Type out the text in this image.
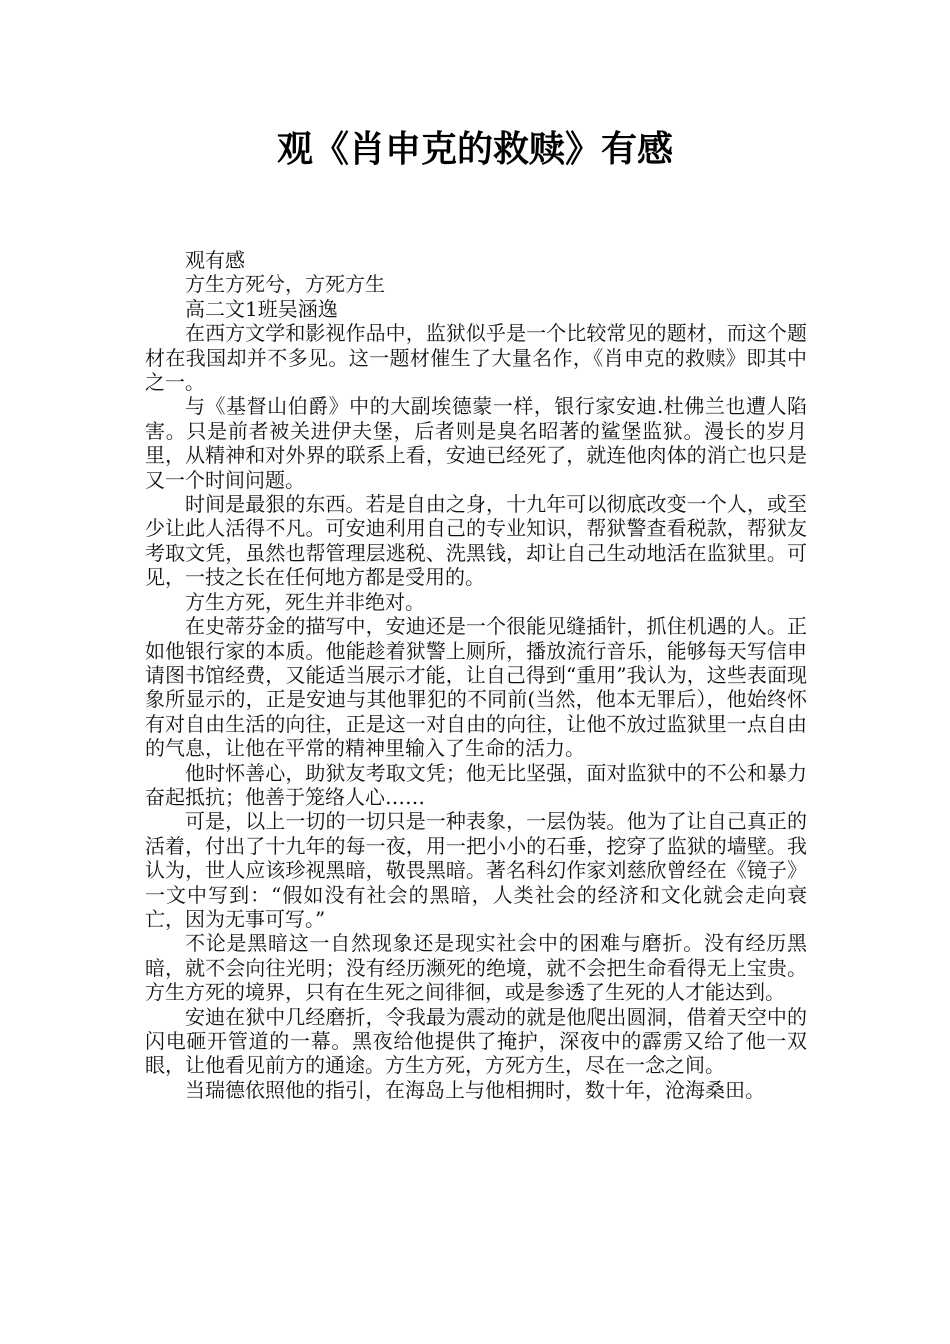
观《肖申克的救赎》有感

观有感

方生方死兮，方死方生

高二文1班吴涵逸

在西方文学和影视作品中，监狱似乎是一个比较常见的题材，而这个题材在我国却并不多见。这一题材催生了大量名作，《肖申克的救赎》即其中之一。

与《基督山伯爵》中的大副埃德蒙一样，银行家安迪.杜佛兰也遭人陷害。只是前者被关进伊夫堡，后者则是臭名昭著的鲨堡监狱。漫长的岁月里，从精神和对外界的联系上看，安迪已经死了，就连他肉体的消亡也只是又一个时间问题。

时间是最狠的东西。若是自由之身，十九年可以彻底改变一个人，或至少让此人活得不凡。可安迪利用自己的专业知识，帮狱警查看税款，帮狱友考取文凭，虽然也帮管理层逃税、洗黑钱，却让自己生动地活在监狱里。可见，一技之长在任何地方都是受用的。

方生方死，死生并非绝对。

在史蒂芬金的描写中，安迪还是一个很能见缝插针，抓住机遇的人。正如他银行家的本质。他能趁着狱警上厕所，播放流行音乐，能够每天写信申请图书馆经费，又能适当展示才能，让自己得到“重用”我认为，这些表面现象所显示的，正是安迪与其他罪犯的不同前(当然，他本无罪后），他始终怀有对自由生活的向往，正是这一对自由的向往，让他不放过监狱里一点自由的气息，让他在平常的精神里输入了生命的活力。

他时怀善心，助狱友考取文凭；他无比坚强，面对监狱中的不公和暴力奋起抵抗；他善于笼络人心……

可是，以上一切的一切只是一种表象，一层伪装。他为了让自己真正的活着，付出了十九年的每一夜，用一把小小的石垂，挖穿了监狱的墙壁。我认为，世人应该珍视黑暗，敬畏黑暗。著名科幻作家刘慈欣曾经在《镜子》一文中写到：“假如没有社会的黑暗，人类社会的经济和文化就会走向衰亡，因为无事可写。”

不论是黑暗这一自然现象还是现实社会中的困难与磨折。没有经历黑暗，就不会向往光明；没有经历濒死的绝境，就不会把生命看得无上宝贵。方生方死的境界，只有在生死之间徘徊，或是参透了生死的人才能达到。

安迪在狱中几经磨折，令我最为震动的就是他爬出圆洞，借着天空中的闪电砸开管道的一幕。黑夜给他提供了掩护，深夜中的霹雳又给了他一双眼，让他看见前方的通途。方生方死，方死方生，尽在一念之间。

当瑞德依照他的指引，在海岛上与他相拥时，数十年，沧海桑田。
